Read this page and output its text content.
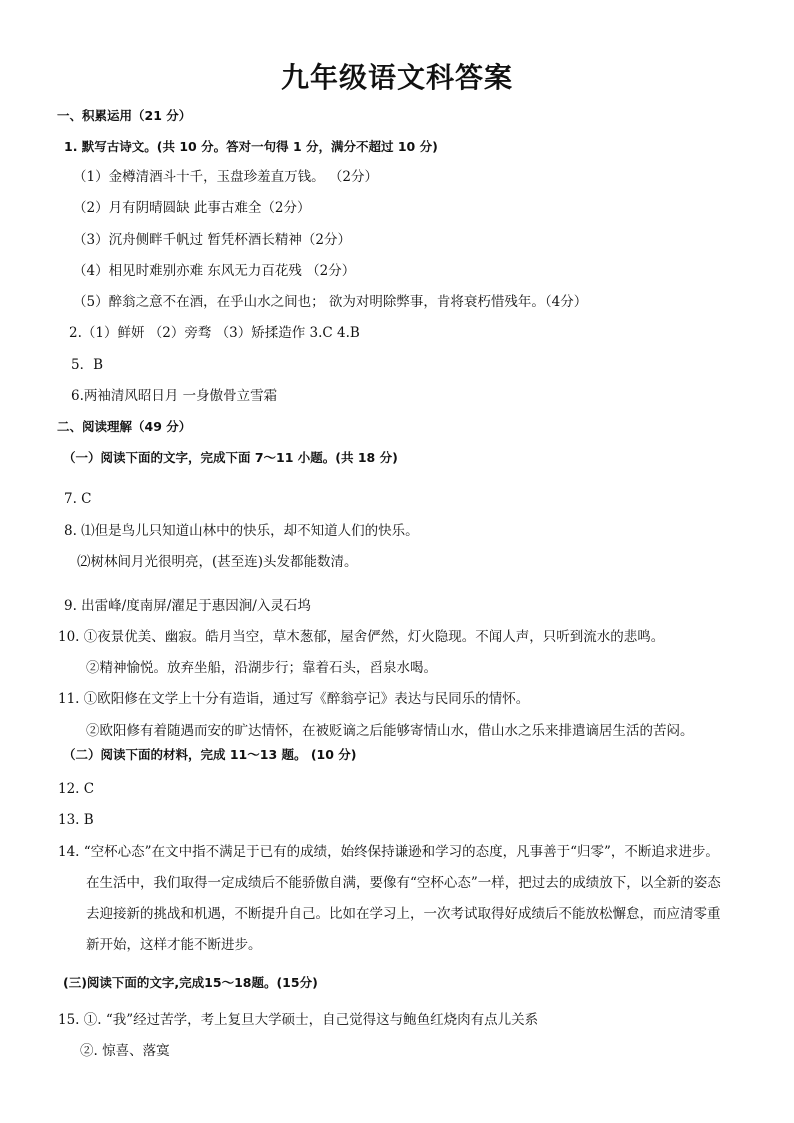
九年级语文科答案
一、积累运用（21 分）
1. 默写古诗文。(共 10 分。答对一句得 1 分，满分不超过 10 分)
（1）金樽清酒斗十千，玉盘珍羞直万钱。 （2分）
（2）月有阴晴圆缺 此事古难全（2分）
（3）沉舟侧畔千帆过 暂凭杯酒长精神（2分）
（4）相见时难别亦难 东风无力百花残 （2分）
（5）醉翁之意不在酒，在乎山水之间也； 欲为对明除弊事，肯将衰朽惜残年。（4分）
2.（1）鲜妍 （2）旁骛 （3）矫揉造作 3.C 4.B
5．B
6.两袖清风昭日月 一身傲骨立雪霜
二、阅读理解（49 分）
（一）阅读下面的文字，完成下面 7～11 小题。(共 18 分)
7. C
8. ⑴但是鸟儿只知道山林中的快乐，却不知道人们的快乐。
⑵树林间月光很明亮，(甚至连)头发都能数清。
9. 出雷峰/度南屏/濯足于惠因涧/入灵石坞
10. ①夜景优美、幽寂。皓月当空，草木葱郁，屋舍俨然，灯火隐现。不闻人声，只听到流水的悲鸣。
②精神愉悦。放弃坐船，沿湖步行；靠着石头，舀泉水喝。
11. ①欧阳修在文学上十分有造诣，通过写《醉翁亭记》表达与民同乐的情怀。
②欧阳修有着随遇而安的旷达情怀，在被贬谪之后能够寄情山水，借山水之乐来排遣谪居生活的苦闷。
（二）阅读下面的材料，完成 11～13 题。 (10 分)
12. C
13. B
14. “空杯心态”在文中指不满足于已有的成绩，始终保持谦逊和学习的态度，凡事善于“归零”，不断追求进步。
在生活中，我们取得一定成绩后不能骄傲自满，要像有“空杯心态”一样，把过去的成绩放下，以全新的姿态
去迎接新的挑战和机遇，不断提升自己。比如在学习上，一次考试取得好成绩后不能放松懈怠，而应清零重
新开始，这样才能不断进步。
(三)阅读下面的文字,完成15～18题。(15分)
15. ①. “我”经过苦学，考上复旦大学硕士，自己觉得这与鲍鱼红烧肉有点儿关系
②. 惊喜、落寞
